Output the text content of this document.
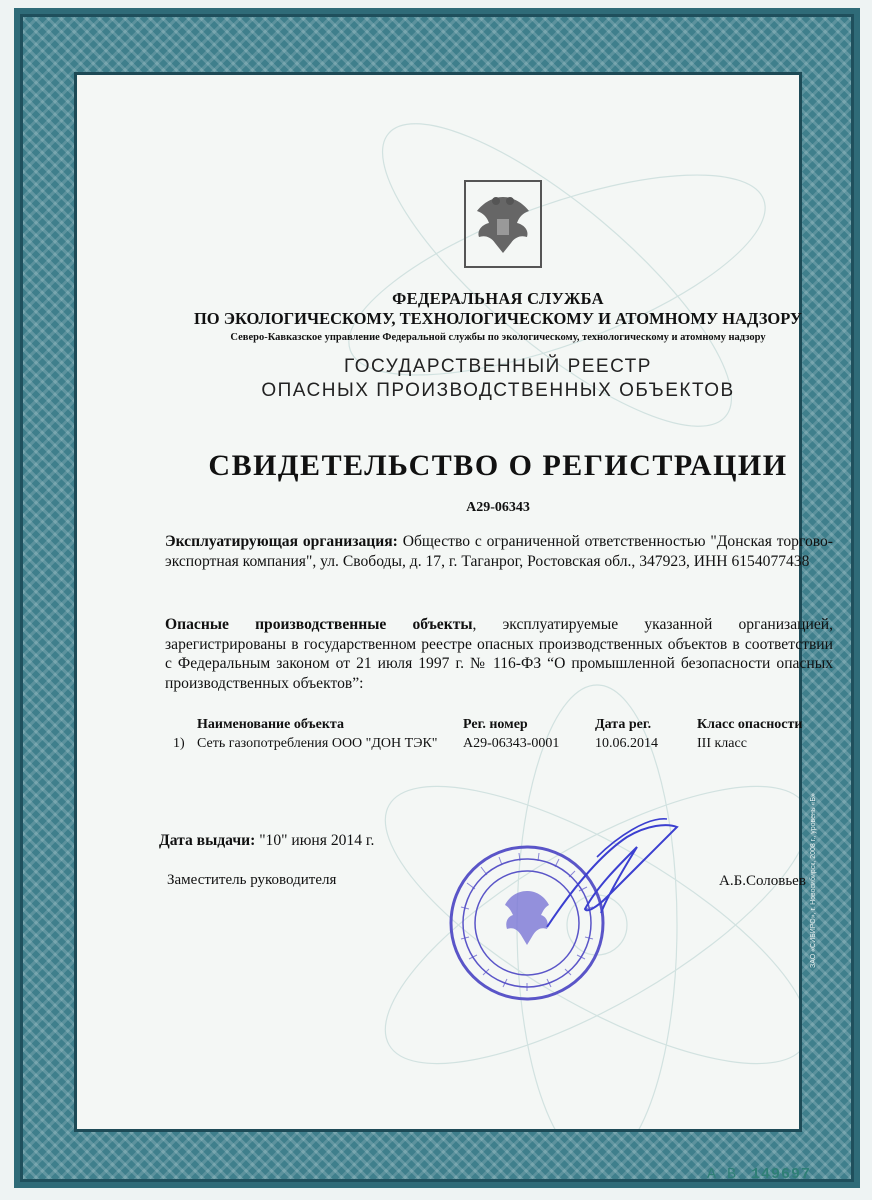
ФЕДЕРАЛЬНАЯ СЛУЖБА
ПО ЭКОЛОГИЧЕСКОМУ, ТЕХНОЛОГИЧЕСКОМУ И АТОМНОМУ НАДЗОРУ
Северо-Кавказское управление Федеральной службы по экологическому, технологическому и атомному надзору
ГОСУДАРСТВЕННЫЙ РЕЕСТР
ОПАСНЫХ ПРОИЗВОДСТВЕННЫХ ОБЪЕКТОВ
СВИДЕТЕЛЬСТВО О РЕГИСТРАЦИИ
А29-06343
Эксплуатирующая организация: Общество с ограниченной ответственностью "Донская торгово-экспортная компания", ул. Свободы, д. 17, г. Таганрог, Ростовская обл., 347923, ИНН 6154077438
Опасные производственные объекты, эксплуатируемые указанной организацией, зарегистрированы в государственном реестре опасных производственных объектов в соответствии с Федеральным законом от 21 июля 1997 г. № 116-ФЗ “О промышленной безопасности опасных производственных объектов”:
Наименование объекта	Рег. номер	Дата рег.	Класс опасности
1) Сеть газопотребления ООО "ДОН ТЭК"	А29-06343-0001	10.06.2014	III класс
Дата выдачи: "10" июня 2014 г.
Заместитель руководителя	А.Б.Соловьев
А В 149697
ЗАО «СИБИРО», г. Новосибирск, 2008 г., уровень «Б»
